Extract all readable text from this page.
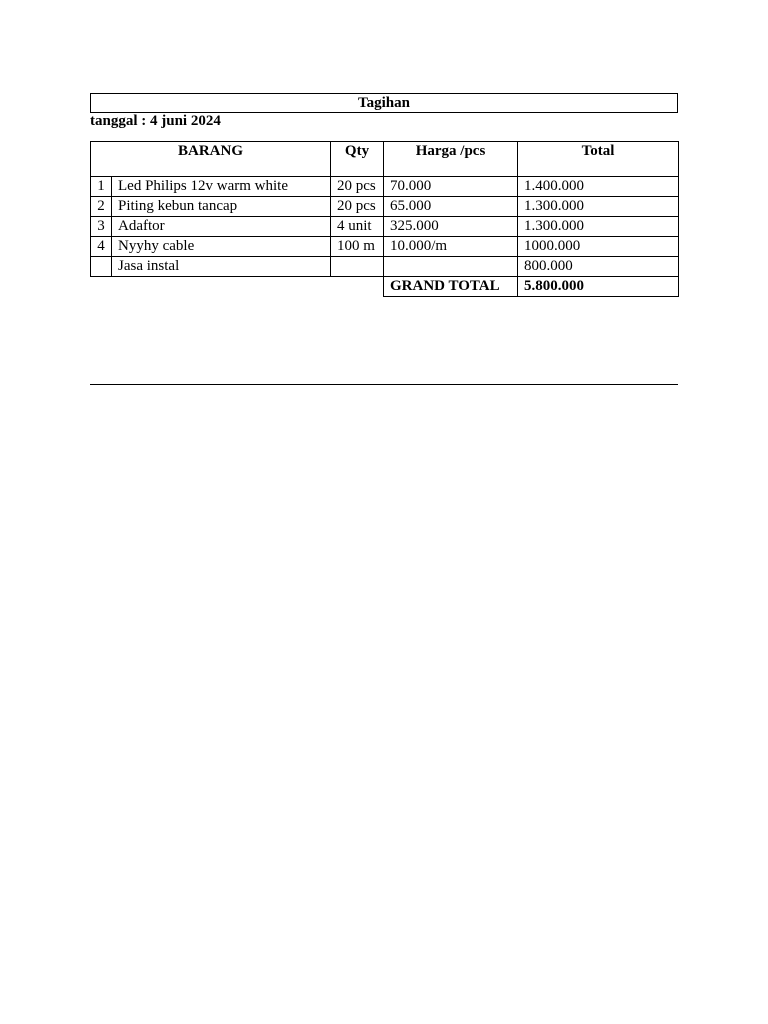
Tagihan
tanggal : 4 juni 2024
BARANG		Qty	Harga /pcs	Total
1	Led Philips 12v warm white	20 pcs	70.000	1.400.000
2	Piting kebun tancap	20 pcs	65.000	1.300.000
3	Adaftor	4 unit	325.000	1.300.000
4	Nyyhy cable	100 m	10.000/m	1000.000
	Jasa instal			800.000
			GRAND TOTAL	5.800.000
